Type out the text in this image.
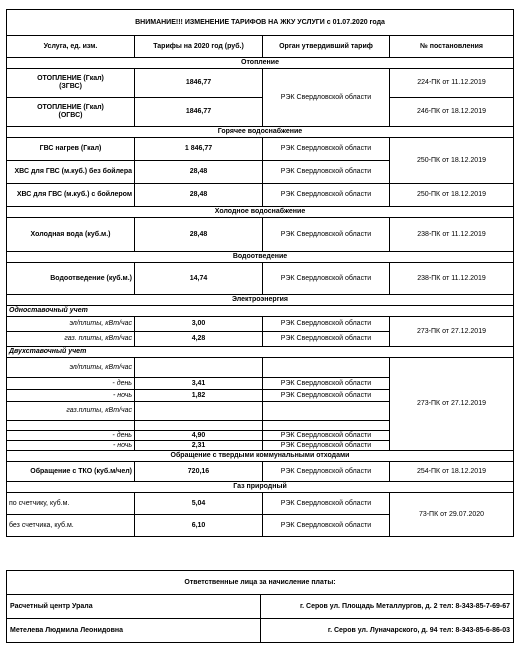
ВНИМАНИЕ!!! ИЗМЕНЕНИЕ ТАРИФОВ НА ЖКУ УСЛУГИ с 01.07.2020 года			
Услуга, ед. изм.	Тарифы на 2020 год (руб.)	Орган утвердивший тариф	№ постановления
Отопление			
ОТОПЛЕНИЕ (Гкал)
(ЗГВС)	1846,77	РЭК Свердловской области	224-ПК от 11.12.2019
ОТОПЛЕНИЕ (Гкал)
(ОГВС)	1846,77		246-ПК от 18.12.2019
Горячее водоснабжение			
ГВС нагрев (Гкал)	1 846,77	РЭК Свердловской области	250-ПК от 18.12.2019
ХВС для ГВС (м.куб.) без бойлера	28,48	РЭК Свердловской области	
ХВС для ГВС (м.куб.) с бойлером	28,48	РЭК Свердловской области	250-ПК от 18.12.2019
Холодное водоснабжение			
Холодная вода (куб.м.)	28,48	РЭК Свердловской области	238-ПК от 11.12.2019
Водоотведение			
Водоотведение (куб.м.)	14,74	РЭК Свердловской области	238-ПК от 11.12.2019
Электроэнергия			
Одноставочный учет			
эл/плиты, кВт/час	3,00	РЭК Свердловской области	273-ПК от 27.12.2019
газ. плиты, кВт/час	4,28	РЭК Свердловской области	
Двухставочный учет			
эл/плиты, кВт/час			273-ПК от 27.12.2019
- день	3,41	РЭК Свердловской области	
- ночь	1,82	РЭК Свердловской области	
газ.плиты, кВт/час			

- день	4,90	РЭК Свердловской области	
- ночь	2,31	РЭК Свердловской области	
Обращение с твердыми коммунальными отходами			
Обращение с ТКО (куб.м/чел)	720,16	РЭК Свердловской области	254-ПК от 18.12.2019
Газ природный			
по счетчику, куб.м.	5,04	РЭК Свердловской области	73-ПК от 29.07.2020
без счетчика, куб.м.	6,10	РЭК Свердловской области	
Ответственные лица за начисление платы:	
Расчетный центр Урала	г. Серов ул. Площадь Металлургов, д. 2 тел: 8-343-85-7-69-67
Метелева Людмила Леонидовна	г. Серов ул. Луначарского, д. 94 тел: 8-343-85-6-86-03
